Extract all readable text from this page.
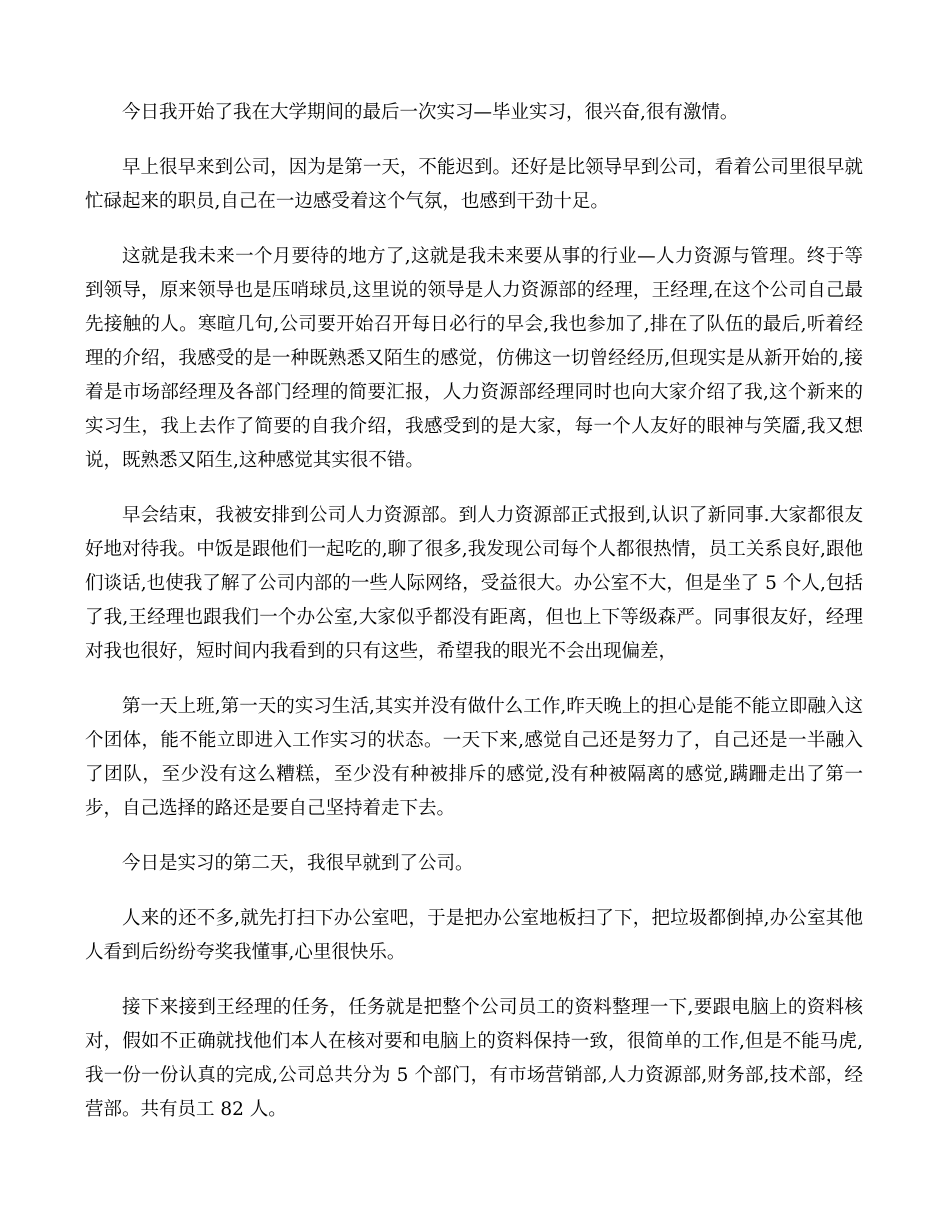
今日我开始了我在大学期间的最后一次实习—毕业实习，很兴奋,很有激情。

早上很早来到公司，因为是第一天，不能迟到。还好是比领导早到公司，看着公司里很早就忙碌起来的职员,自己在一边感受着这个气氛，也感到干劲十足。

这就是我未来一个月要待的地方了,这就是我未来要从事的行业—人力资源与管理。终于等到领导，原来领导也是压哨球员,这里说的领导是人力资源部的经理，王经理,在这个公司自己最先接触的人。寒暄几句,公司要开始召开每日必行的早会,我也参加了,排在了队伍的最后,听着经理的介绍，我感受的是一种既熟悉又陌生的感觉，仿佛这一切曾经经历,但现实是从新开始的,接着是市场部经理及各部门经理的简要汇报，人力资源部经理同时也向大家介绍了我,这个新来的实习生，我上去作了简要的自我介绍，我感受到的是大家，每一个人友好的眼神与笑靥,我又想说，既熟悉又陌生,这种感觉其实很不错。

早会结束，我被安排到公司人力资源部。到人力资源部正式报到,认识了新同事.大家都很友好地对待我。中饭是跟他们一起吃的,聊了很多,我发现公司每个人都很热情，员工关系良好,跟他们谈话,也使我了解了公司内部的一些人际网络，受益很大。办公室不大，但是坐了 5 个人,包括了我,王经理也跟我们一个办公室,大家似乎都没有距离，但也上下等级森严。同事很友好，经理对我也很好，短时间内我看到的只有这些，希望我的眼光不会出现偏差，

第一天上班,第一天的实习生活,其实并没有做什么工作,昨天晚上的担心是能不能立即融入这个团体，能不能立即进入工作实习的状态。一天下来,感觉自己还是努力了，自己还是一半融入了团队，至少没有这么糟糕，至少没有种被排斥的感觉,没有种被隔离的感觉,蹒跚走出了第一步，自己选择的路还是要自己坚持着走下去。

今日是实习的第二天，我很早就到了公司。

人来的还不多,就先打扫下办公室吧，于是把办公室地板扫了下，把垃圾都倒掉,办公室其他人看到后纷纷夸奖我懂事,心里很快乐。

接下来接到王经理的任务，任务就是把整个公司员工的资料整理一下,要跟电脑上的资料核对，假如不正确就找他们本人在核对要和电脑上的资料保持一致，很简单的工作,但是不能马虎,我一份一份认真的完成,公司总共分为 5 个部门，有市场营销部,人力资源部,财务部,技术部，经营部。共有员工 82 人。
